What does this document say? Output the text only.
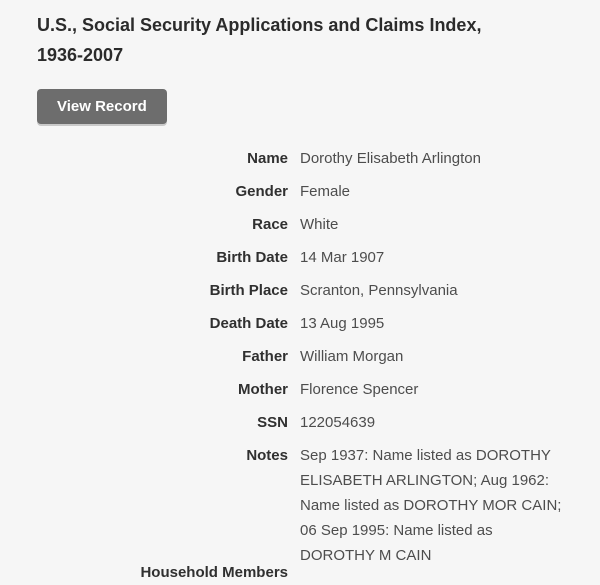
U.S., Social Security Applications and Claims Index, 1936-2007
View Record
Name Dorothy Elisabeth Arlington
Gender Female
Race White
Birth Date 14 Mar 1907
Birth Place Scranton, Pennsylvania
Death Date 13 Aug 1995
Father William Morgan
Mother Florence Spencer
SSN 122054639
Notes Sep 1937: Name listed as DOROTHY ELISABETH ARLINGTON; Aug 1962: Name listed as DOROTHY MOR CAIN; 06 Sep 1995: Name listed as DOROTHY M CAIN
Household Members
